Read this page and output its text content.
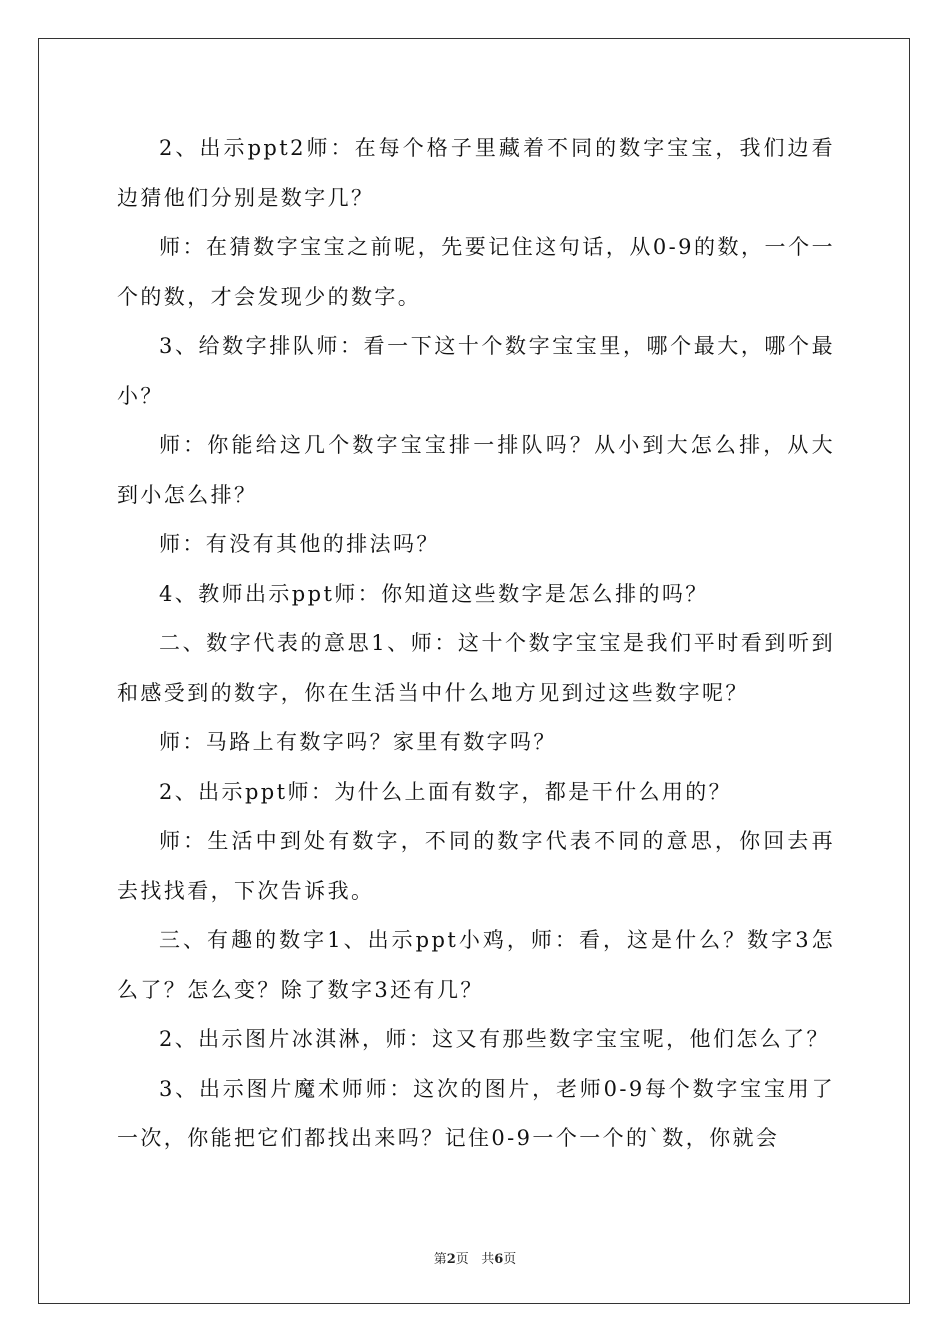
2、出示ppt2师：在每个格子里藏着不同的数字宝宝，我们边看边猜他们分别是数字几？

师：在猜数字宝宝之前呢，先要记住这句话，从0-9的数，一个一个的数，才会发现少的数字。

3、给数字排队师：看一下这十个数字宝宝里，哪个最大，哪个最小？

师：你能给这几个数字宝宝排一排队吗？从小到大怎么排，从大到小怎么排？

师：有没有其他的排法吗？

4、教师出示ppt师：你知道这些数字是怎么排的吗？

二、数字代表的意思1、师：这十个数字宝宝是我们平时看到听到和感受到的数字，你在生活当中什么地方见到过这些数字呢？

师：马路上有数字吗？家里有数字吗？

2、出示ppt师：为什么上面有数字，都是干什么用的？

师：生活中到处有数字，不同的数字代表不同的意思，你回去再去找找看，下次告诉我。

三、有趣的数字1、出示ppt小鸡，师：看，这是什么？数字3怎么了？怎么变？除了数字3还有几？

2、出示图片冰淇淋，师：这又有那些数字宝宝呢，他们怎么了？

3、出示图片魔术师师：这次的图片，老师0-9每个数字宝宝用了一次，你能把它们都找出来吗？记住0-9一个一个的`数，你就会

第2页 共6页
